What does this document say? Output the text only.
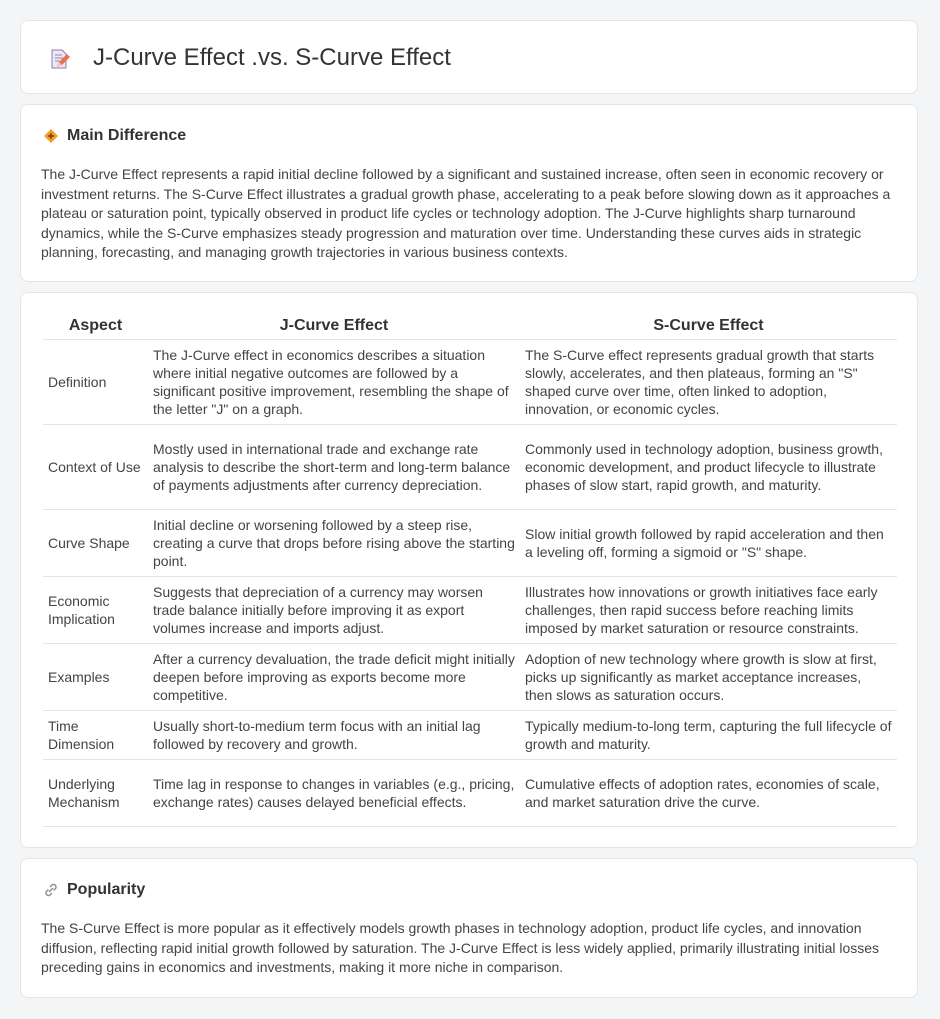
J-Curve Effect .vs. S-Curve Effect
Main Difference

The J-Curve Effect represents a rapid initial decline followed by a significant and sustained increase, often seen in economic recovery or investment returns. The S-Curve Effect illustrates a gradual growth phase, accelerating to a peak before slowing down as it approaches a plateau or saturation point, typically observed in product life cycles or technology adoption. The J-Curve highlights sharp turnaround dynamics, while the S-Curve emphasizes steady progression and maturation over time. Understanding these curves aids in strategic planning, forecasting, and managing growth trajectories in various business contexts.

Aspect	J-Curve Effect	S-Curve Effect
Definition	The J-Curve effect in economics describes a situation where initial negative outcomes are followed by a significant positive improvement, resembling the shape of the letter "J" on a graph.	The S-Curve effect represents gradual growth that starts slowly, accelerates, and then plateaus, forming an "S" shaped curve over time, often linked to adoption, innovation, or economic cycles.
Context of Use	Mostly used in international trade and exchange rate analysis to describe the short-term and long-term balance of payments adjustments after currency depreciation.	Commonly used in technology adoption, business growth, economic development, and product lifecycle to illustrate phases of slow start, rapid growth, and maturity.
Curve Shape	Initial decline or worsening followed by a steep rise, creating a curve that drops before rising above the starting point.	Slow initial growth followed by rapid acceleration and then a leveling off, forming a sigmoid or "S" shape.
Economic Implication	Suggests that depreciation of a currency may worsen trade balance initially before improving it as export volumes increase and imports adjust.	Illustrates how innovations or growth initiatives face early challenges, then rapid success before reaching limits imposed by market saturation or resource constraints.
Examples	After a currency devaluation, the trade deficit might initially deepen before improving as exports become more competitive.	Adoption of new technology where growth is slow at first, picks up significantly as market acceptance increases, then slows as saturation occurs.
Time Dimension	Usually short-to-medium term focus with an initial lag followed by recovery and growth.	Typically medium-to-long term, capturing the full lifecycle of growth and maturity.
Underlying Mechanism	Time lag in response to changes in variables (e.g., pricing, exchange rates) causes delayed beneficial effects.	Cumulative effects of adoption rates, economies of scale, and market saturation drive the curve.
Popularity

The S-Curve Effect is more popular as it effectively models growth phases in technology adoption, product life cycles, and innovation diffusion, reflecting rapid initial growth followed by saturation. The J-Curve Effect is less widely applied, primarily illustrating initial losses preceding gains in economics and investments, making it more niche in comparison.
